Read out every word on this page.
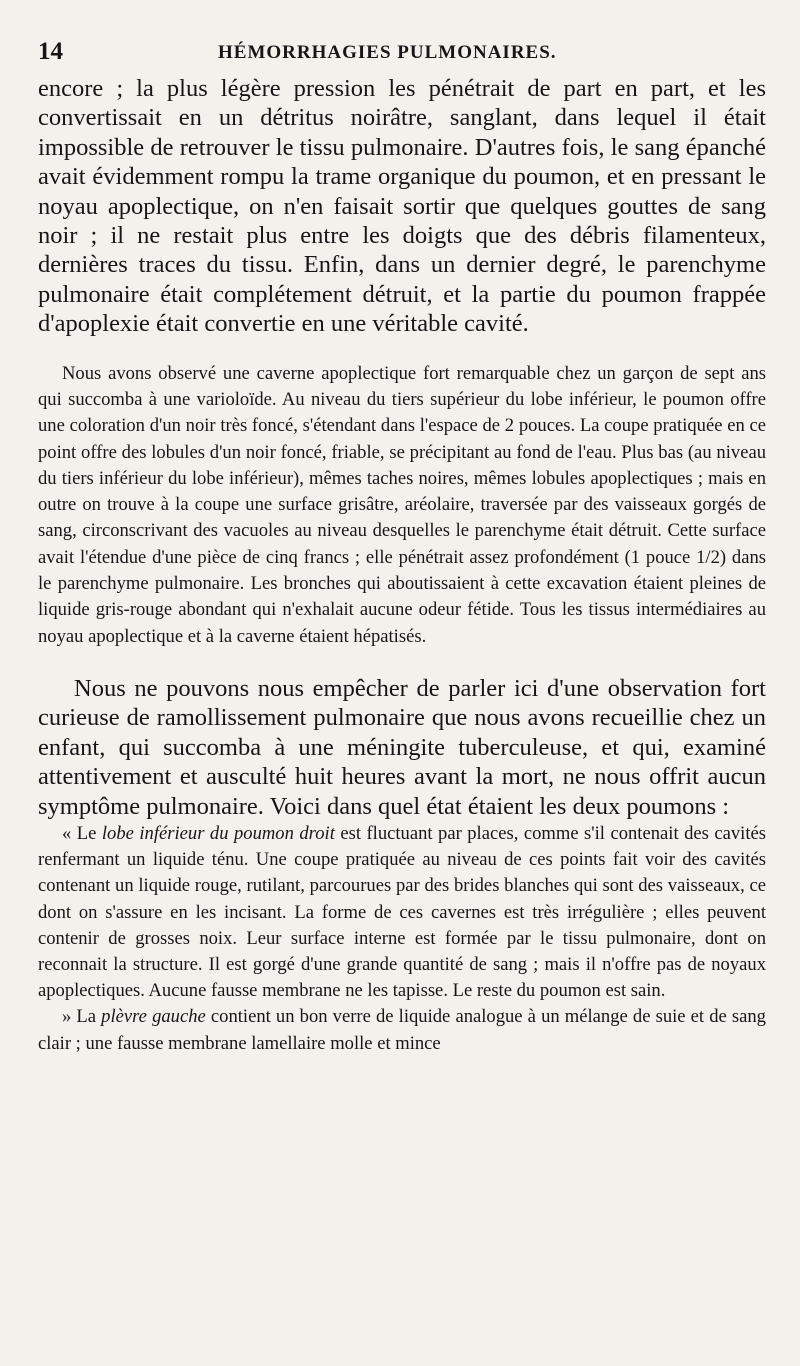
14	HÉMORRHAGIES PULMONAIRES.

encore ; la plus légère pression les pénétrait de part en part, et les convertissait en un détritus noirâtre, sanglant, dans lequel il était impossible de retrouver le tissu pulmonaire. D'autres fois, le sang épanché avait évidemment rompu la trame organique du poumon, et en pressant le noyau apoplectique, on n'en faisait sortir que quelques gouttes de sang noir ; il ne restait plus entre les doigts que des débris filamenteux, dernières traces du tissu. Enfin, dans un dernier degré, le parenchyme pulmonaire était complétement détruit, et la partie du poumon frappée d'apoplexie était convertie en une véritable cavité.

Nous avons observé une caverne apoplectique fort remarquable chez un garçon de sept ans qui succomba à une varioloïde. Au niveau du tiers supérieur du lobe inférieur, le poumon offre une coloration d'un noir très foncé, s'étendant dans l'espace de 2 pouces. La coupe pratiquée en ce point offre des lobules d'un noir foncé, friable, se précipitant au fond de l'eau. Plus bas (au niveau du tiers inférieur du lobe inférieur), mêmes taches noires, mêmes lobules apoplectiques ; mais en outre on trouve à la coupe une surface grisâtre, aréolaire, traversée par des vaisseaux gorgés de sang, circonscrivant des vacuoles au niveau desquelles le parenchyme était détruit. Cette surface avait l'étendue d'une pièce de cinq francs ; elle pénétrait assez profondément (1 pouce 1/2) dans le parenchyme pulmonaire. Les bronches qui aboutissaient à cette excavation étaient pleines de liquide gris-rouge abondant qui n'exhalait aucune odeur fétide. Tous les tissus intermédiaires au noyau apoplectique et à la caverne étaient hépatisés.

Nous ne pouvons nous empêcher de parler ici d'une observation fort curieuse de ramollissement pulmonaire que nous avons recueillie chez un enfant, qui succomba à une méningite tuberculeuse, et qui, examiné attentivement et ausculté huit heures avant la mort, ne nous offrit aucun symptôme pulmonaire. Voici dans quel état étaient les deux poumons :

« Le lobe inférieur du poumon droit est fluctuant par places, comme s'il contenait des cavités renfermant un liquide ténu. Une coupe pratiquée au niveau de ces points fait voir des cavités contenant un liquide rouge, rutilant, parcourues par des brides blanches qui sont des vaisseaux, ce dont on s'assure en les incisant. La forme de ces cavernes est très irrégulière ; elles peuvent contenir de grosses noix. Leur surface interne est formée par le tissu pulmonaire, dont on reconnait la structure. Il est gorgé d'une grande quantité de sang ; mais il n'offre pas de noyaux apoplectiques. Aucune fausse membrane ne les tapisse. Le reste du poumon est sain.

» La plèvre gauche contient un bon verre de liquide analogue à un mélange de suie et de sang clair ; une fausse membrane lamellaire molle et mince
